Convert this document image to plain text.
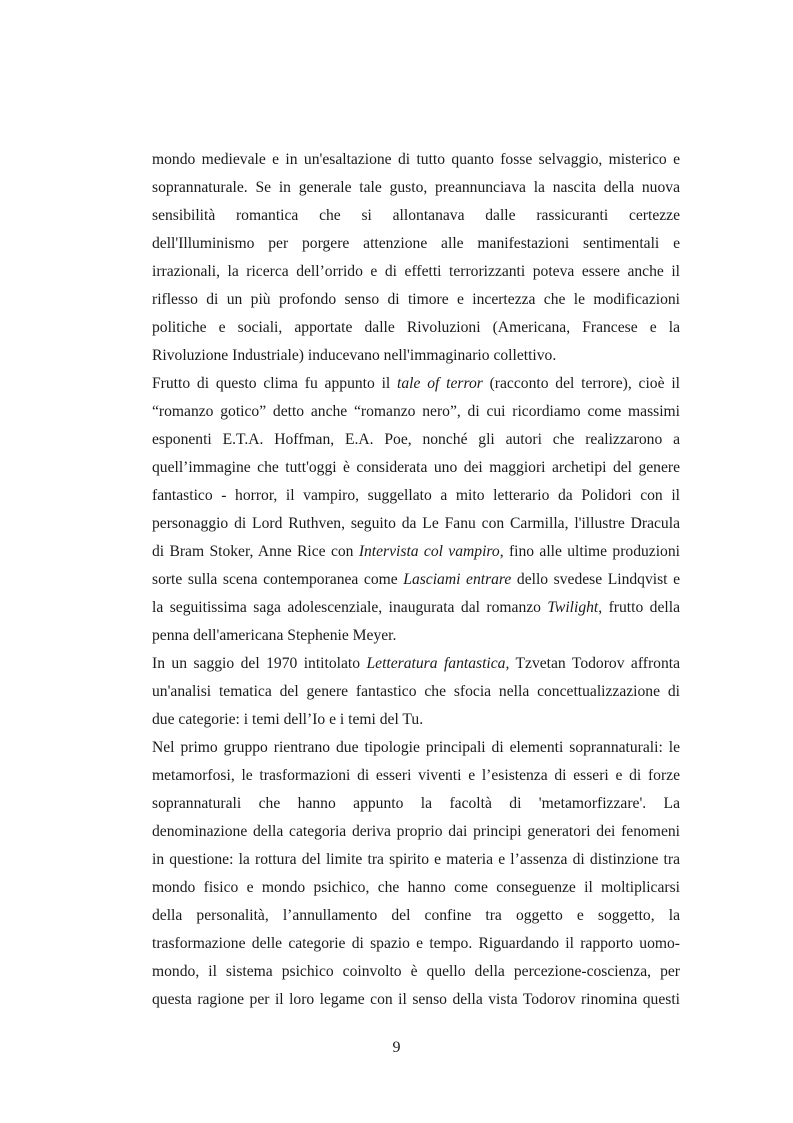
mondo medievale e in un'esaltazione di tutto quanto fosse selvaggio, misterico e
soprannaturale. Se in generale tale gusto, preannunciava la nascita della nuova
sensibilità romantica che si allontanava dalle rassicuranti certezze
dell'Illuminismo per porgere attenzione alle manifestazioni sentimentali e
irrazionali, la ricerca dell’orrido e di effetti terrorizzanti poteva essere anche il
riflesso di un più profondo senso di timore e incertezza che le modificazioni
politiche e sociali, apportate dalle Rivoluzioni (Americana, Francese e la
Rivoluzione Industriale) inducevano nell'immaginario collettivo.
Frutto di questo clima fu appunto il tale of terror (racconto del terrore), cioè il
“romanzo gotico” detto anche “romanzo nero”, di cui ricordiamo come massimi
esponenti E.T.A. Hoffman, E.A. Poe, nonché gli autori che realizzarono a
quell’immagine che tutt'oggi è considerata uno dei maggiori archetipi del genere
fantastico - horror, il vampiro, suggellato a mito letterario da Polidori con il
personaggio di Lord Ruthven, seguito da Le Fanu con Carmilla, l'illustre Dracula
di Bram Stoker, Anne Rice con Intervista col vampiro, fino alle ultime produzioni
sorte sulla scena contemporanea come Lasciami entrare dello svedese Lindqvist e
la seguitissima saga adolescenziale, inaugurata dal romanzo Twilight, frutto della
penna dell'americana Stephenie Meyer.
In un saggio del 1970 intitolato Letteratura fantastica, Tzvetan Todorov affronta
un'analisi tematica del genere fantastico che sfocia nella concettualizzazione di
due categorie: i temi dell’Io e i temi del Tu.
Nel primo gruppo rientrano due tipologie principali di elementi soprannaturali: le
metamorfosi, le trasformazioni di esseri viventi e l’esistenza di esseri e di forze
soprannaturali che hanno appunto la facoltà di 'metamorfizzare'. La
denominazione della categoria deriva proprio dai principi generatori dei fenomeni
in questione: la rottura del limite tra spirito e materia e l’assenza di distinzione tra
mondo fisico e mondo psichico, che hanno come conseguenze il moltiplicarsi
della personalità, l’annullamento del confine tra oggetto e soggetto, la
trasformazione delle categorie di spazio e tempo. Riguardando il rapporto uomo-
mondo, il sistema psichico coinvolto è quello della percezione-coscienza, per
questa ragione per il loro legame con il senso della vista Todorov rinomina questi
9
